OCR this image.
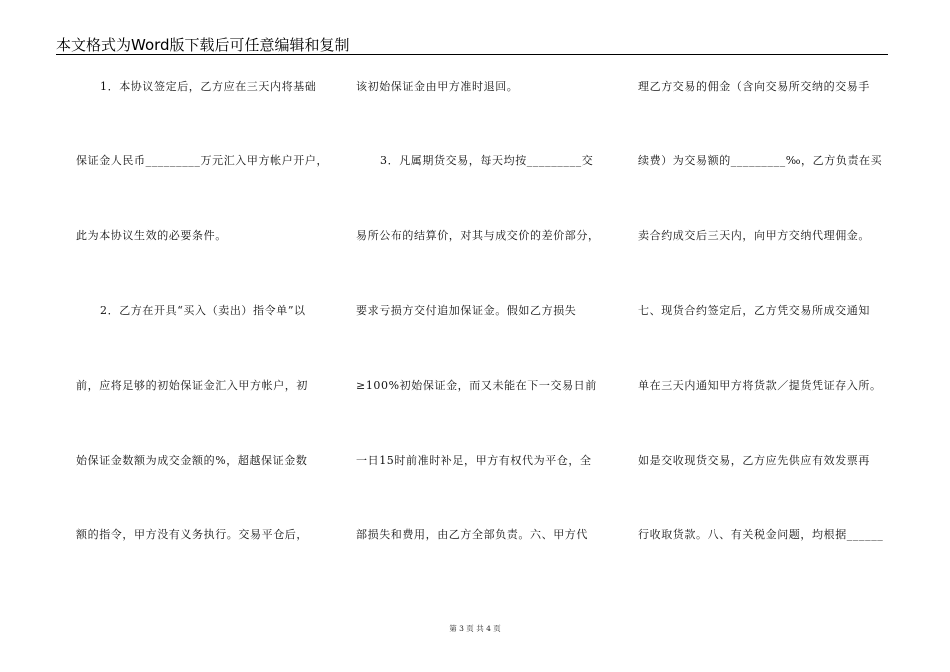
本文格式为Word版下载后可任意编辑和复制
1．本协议签定后，乙方应在三天内将基础
保证金人民币_________万元汇入甲方帐户开户，
此为本协议生效的必要条件。
2．乙方在开具“买入（卖出）指令单”以
前，应将足够的初始保证金汇入甲方帐户，初
始保证金数额为成交金额的%，超越保证金数
额的指令，甲方没有义务执行。交易平仓后，
该初始保证金由甲方准时退回。
3．凡属期货交易，每天均按_________交
易所公布的结算价，对其与成交价的差价部分，
要求亏损方交付追加保证金。假如乙方损失
≥100%初始保证金，而又未能在下一交易日前
一日15时前准时补足，甲方有权代为平仓，全
部损失和费用，由乙方全部负责。六、甲方代
理乙方交易的佣金（含向交易所交纳的交易手
续费）为交易额的_________‰，乙方负责在买
卖合约成交后三天内，向甲方交纳代理佣金。
七、现货合约签定后，乙方凭交易所成交通知
单在三天内通知甲方将货款／提货凭证存入所。
如是交收现货交易，乙方应先供应有效发票再
行收取货款。八、有关税金问题，均根据______
第 3 页 共 4 页
